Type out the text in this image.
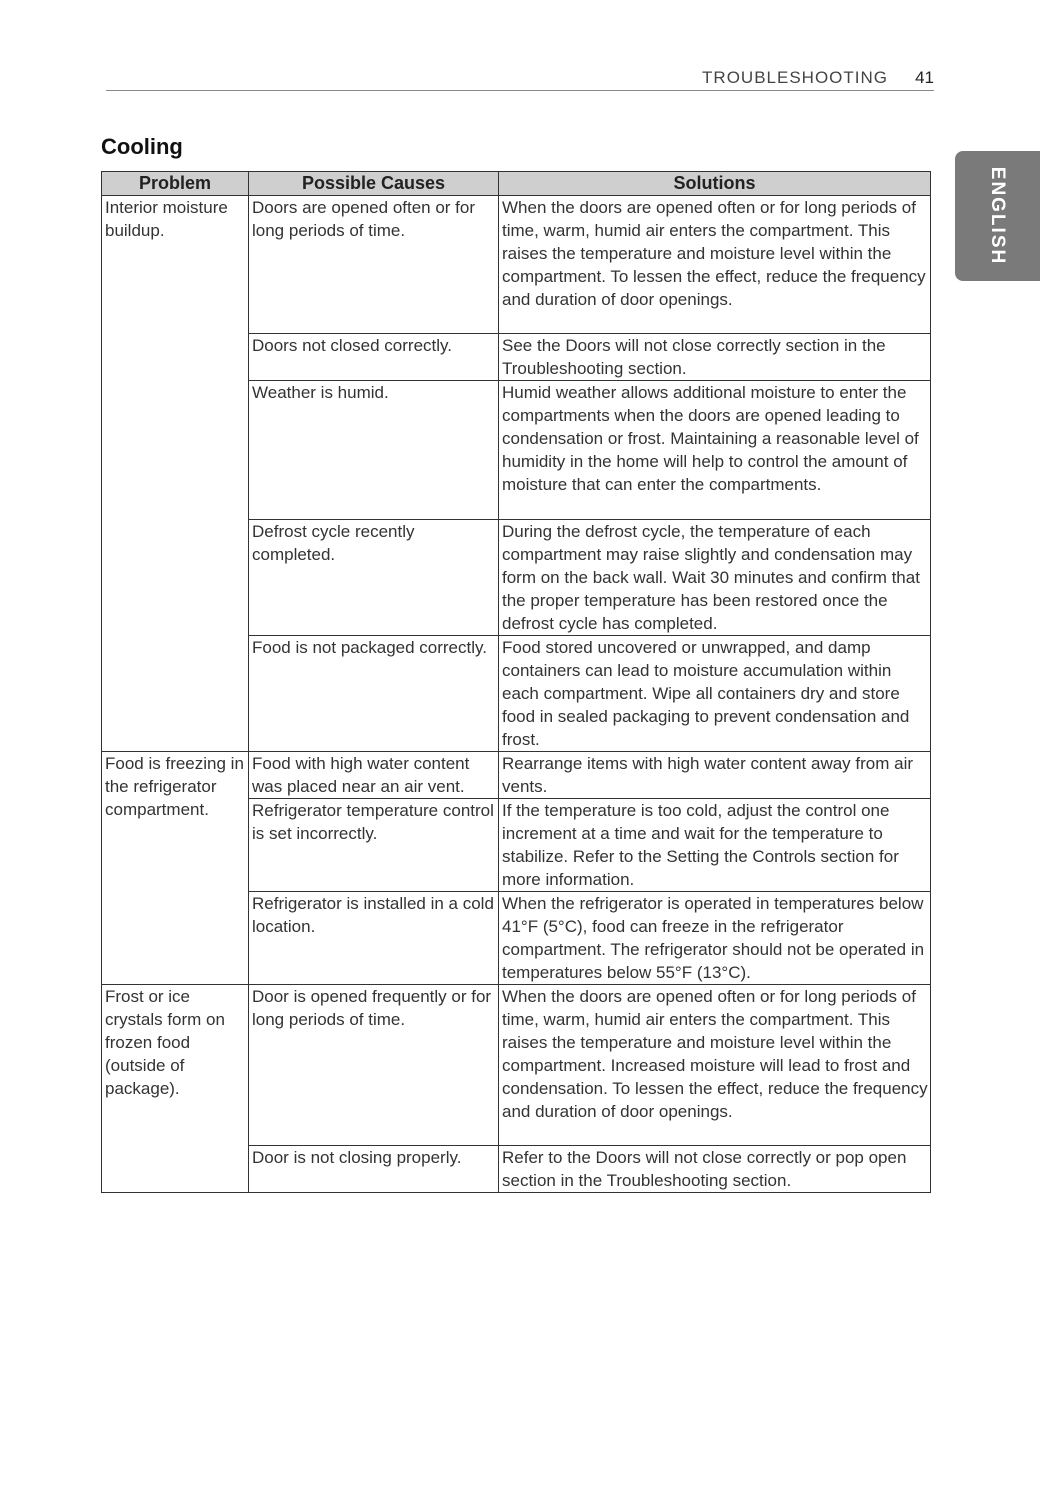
TROUBLESHOOTING 41
ENGLISH
Cooling
Problem	Possible Causes	Solutions
Interior moisture buildup.	Doors are opened often or for long periods of time.	When the doors are opened often or for long periods of time, warm, humid air enters the compartment. This raises the temperature and moisture level within the compartment. To lessen the effect, reduce the frequency and duration of door openings.
	Doors not closed correctly.	See the Doors will not close correctly section in the Troubleshooting section.
	Weather is humid.	Humid weather allows additional moisture to enter the compartments when the doors are opened leading to condensation or frost. Maintaining a reasonable level of humidity in the home will help to control the amount of moisture that can enter the compartments.
	Defrost cycle recently completed.	During the defrost cycle, the temperature of each compartment may raise slightly and condensation may form on the back wall. Wait 30 minutes and confirm that the proper temperature has been restored once the defrost cycle has completed.
	Food is not packaged correctly.	Food stored uncovered or unwrapped, and damp containers can lead to moisture accumulation within each compartment. Wipe all containers dry and store food in sealed packaging to prevent condensation and frost.
Food is freezing in the refrigerator compartment.	Food with high water content was placed near an air vent.	Rearrange items with high water content away from air vents.
	Refrigerator temperature control is set incorrectly.	If the temperature is too cold, adjust the control one increment at a time and wait for the temperature to stabilize. Refer to the Setting the Controls section for more information.
	Refrigerator is installed in a cold location.	When the refrigerator is operated in temperatures below 41°F (5°C), food can freeze in the refrigerator compartment. The refrigerator should not be operated in temperatures below 55°F (13°C).
Frost or ice crystals form on frozen food (outside of package).	Door is opened frequently or for long periods of time.	When the doors are opened often or for long periods of time, warm, humid air enters the compartment. This raises the temperature and moisture level within the compartment. Increased moisture will lead to frost and condensation. To lessen the effect, reduce the frequency and duration of door openings.
	Door is not closing properly.	Refer to the Doors will not close correctly or pop open section in the Troubleshooting section.
